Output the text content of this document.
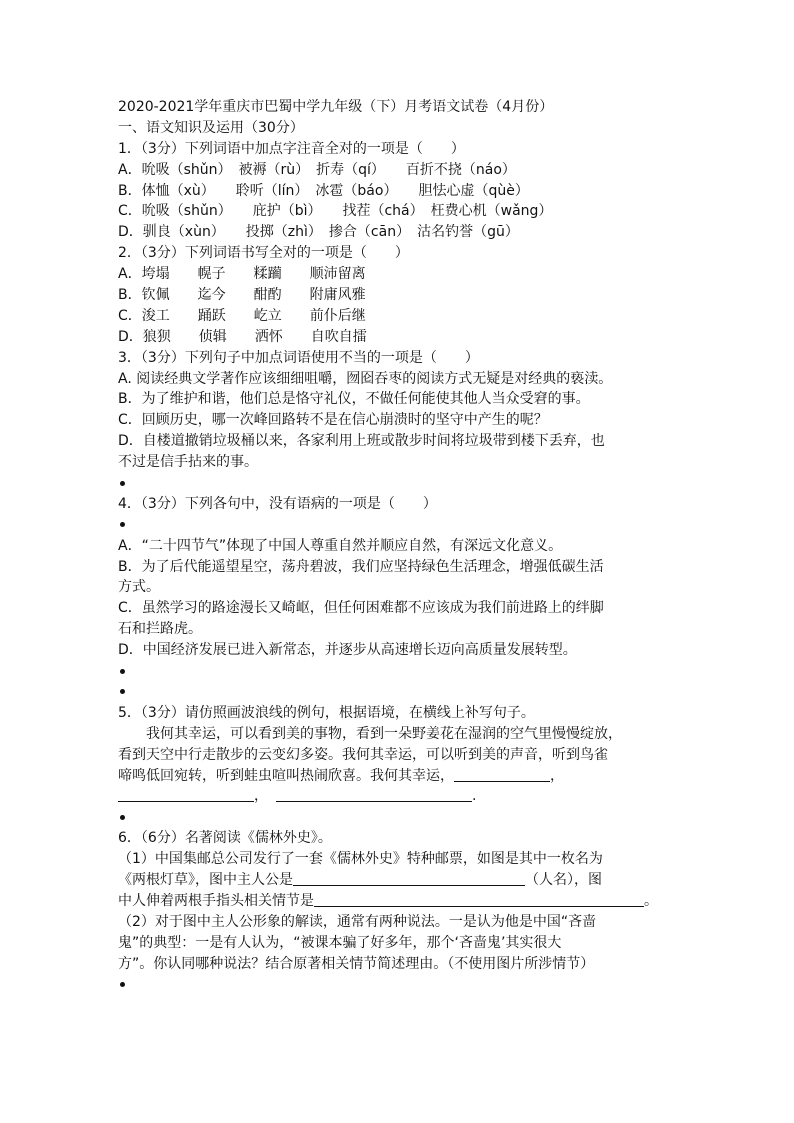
2020-2021学年重庆市巴蜀中学九年级（下）月考语文试卷（4月份）
一、语文知识及运用（30分）
1．（3分）下列词语中加点字注音全对的一项是（　　）
A．吮吸（shǔn）　被褥（rù）　折寿（qí）　　百折不挠（náo）
B．体恤（xù）　　聆听（lín）　冰雹（báo）　　胆怯心虚（qùè）
C．吮吸（shǔn）　　庇护（bì）　　找茬（chá）　枉费心机（wǎng）
D．驯良（xùn）　　投掷（zhì）　掺合（cān）　沽名钓誉（gū）
2．（3分）下列词语书写全对的一项是（　　）
A．垮塌　　幌子　　糅躏　　顺沛留离
B．钦佩　　迄今　　酣酌　　附庸风雅
C．浚工　　踊跃　　屹立　　前仆后继
D．狼狈　　侦辑　　洒怀　　自吹自擂
3．（3分）下列句子中加点词语使用不当的一项是（　　）
A. 阅读经典文学著作应该细细咀嚼，囫囵吞枣的阅读方式无疑是对经典的亵渎。
B．为了维护和谐，他们总是恪守礼仪，不做任何能使其他人当众受窘的事。
C．回顾历史，哪一次峰回路转不是在信心崩溃时的坚守中产生的呢？
D．自楼道撤销垃圾桶以来，各家利用上班或散步时间将垃圾带到楼下丢弃，也
不过是信手拈来的事。
4．（3分）下列各句中，没有语病的一项是（　　）
A．“二十四节气”体现了中国人尊重自然并顺应自然，有深远文化意义。
B．为了后代能遥望星空，荡舟碧波，我们应坚持绿色生活理念，增强低碳生活
方式。
C．虽然学习的路途漫长又崎岖，但任何困难都不应该成为我们前进路上的绊脚
石和拦路虎。
D．中国经济发展已进入新常态，并逐步从高速增长迈向高质量发展转型。
5．（3分）请仿照画波浪线的例句，根据语境，在横线上补写句子。
我何其幸运，可以看到美的事物，看到一朵野姜花在湿润的空气里慢慢绽放，
看到天空中行走散步的云变幻多姿。我何其幸运，可以听到美的声音，听到鸟雀
啼鸣低回宛转，听到蛙虫喧叫热闹欣喜。我何其幸运，	，
，	.
6．（6分）名著阅读《儒林外史》。
（1）中国集邮总公司发行了一套《儒林外史》特种邮票，如图是其中一枚名为
《两根灯草》，图中主人公是	（人名），图
中人伸着两根手指头相关情节是	。
（2）对于图中主人公形象的解读，通常有两种说法。一是认为他是中国“吝啬
鬼”的典型：一是有人认为，“被课本骗了好多年，那个‘吝啬鬼’其实很大
方”。你认同哪种说法？结合原著相关情节简述理由。（不使用图片所涉情节）
